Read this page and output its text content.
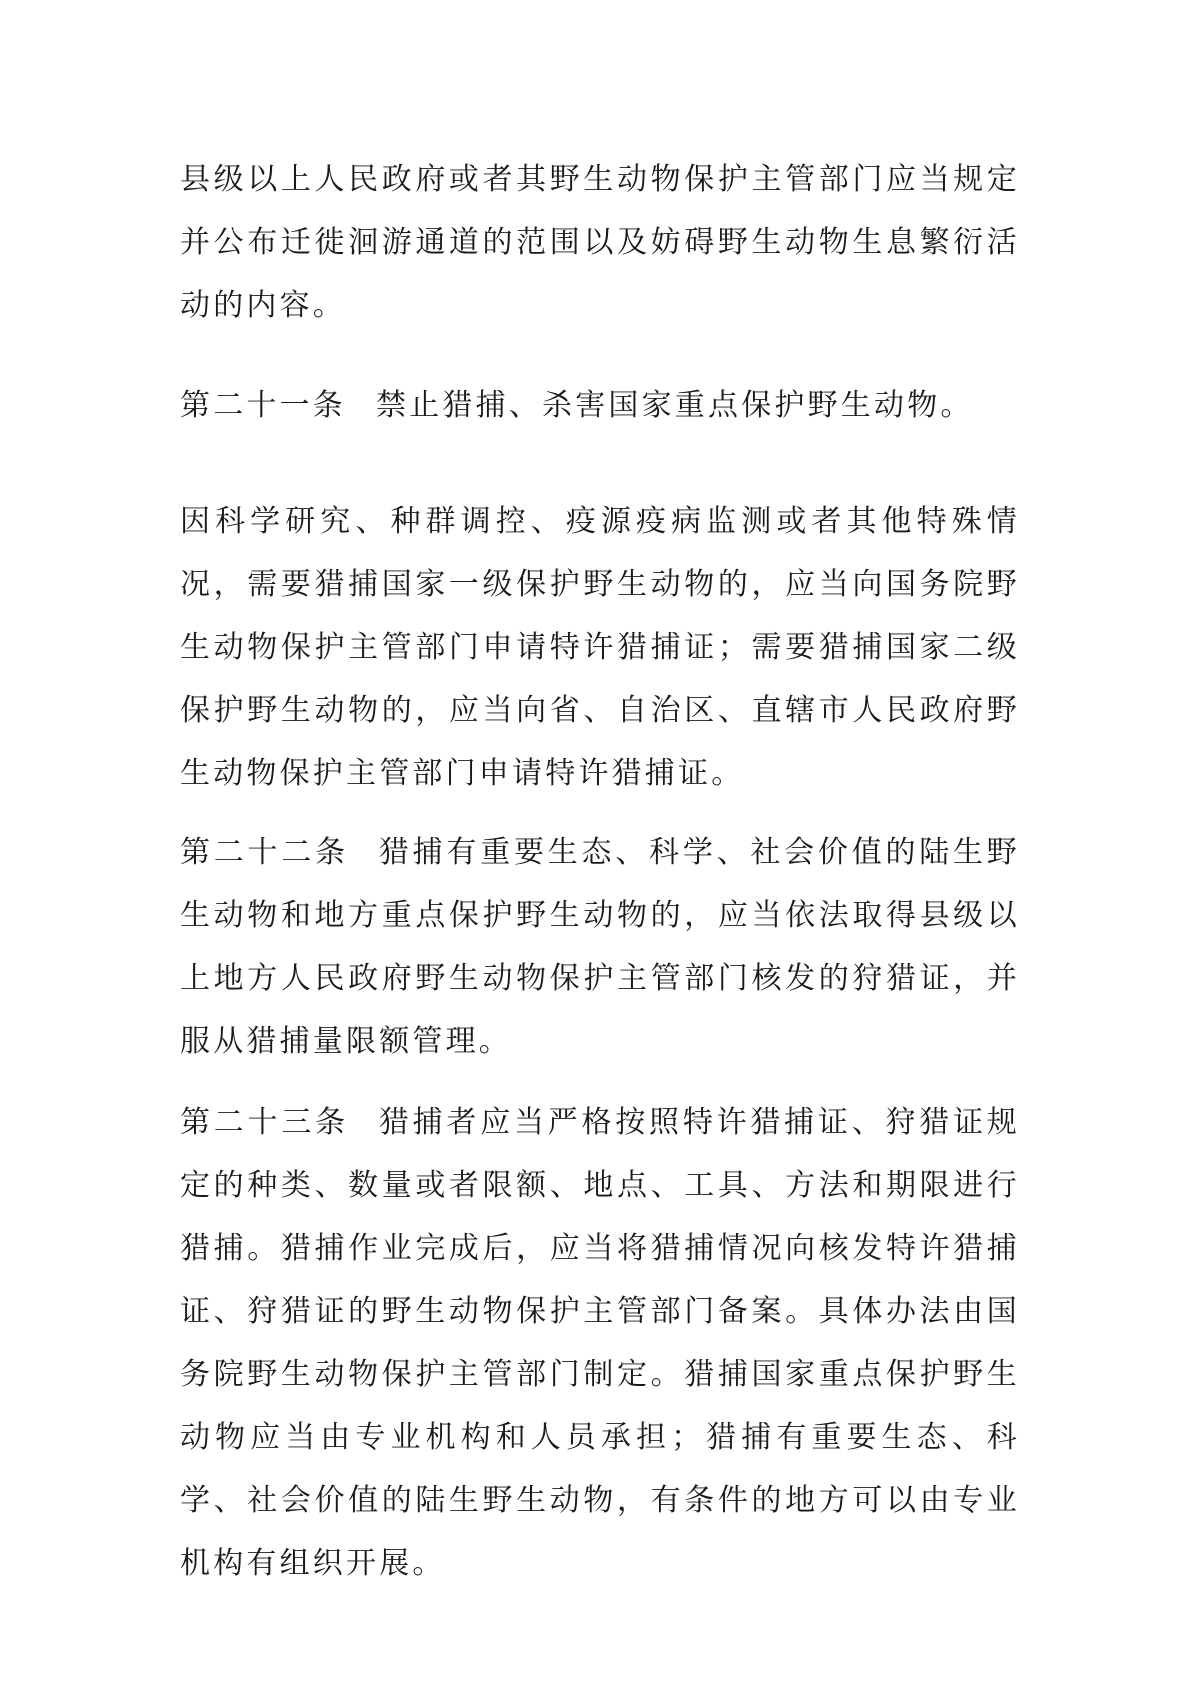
县级以上人民政府或者其野生动物保护主管部门应当规定并公布迁徙洄游通道的范围以及妨碍野生动物生息繁衍活动的内容。

第二十一条 禁止猎捕、杀害国家重点保护野生动物。

因科学研究、种群调控、疫源疫病监测或者其他特殊情况，需要猎捕国家一级保护野生动物的，应当向国务院野生动物保护主管部门申请特许猎捕证；需要猎捕国家二级保护野生动物的，应当向省、自治区、直辖市人民政府野生动物保护主管部门申请特许猎捕证。

第二十二条 猎捕有重要生态、科学、社会价值的陆生野生动物和地方重点保护野生动物的，应当依法取得县级以上地方人民政府野生动物保护主管部门核发的狩猎证，并服从猎捕量限额管理。

第二十三条 猎捕者应当严格按照特许猎捕证、狩猎证规定的种类、数量或者限额、地点、工具、方法和期限进行猎捕。猎捕作业完成后，应当将猎捕情况向核发特许猎捕证、狩猎证的野生动物保护主管部门备案。具体办法由国务院野生动物保护主管部门制定。猎捕国家重点保护野生动物应当由专业机构和人员承担；猎捕有重要生态、科学、社会价值的陆生野生动物，有条件的地方可以由专业机构有组织开展。
